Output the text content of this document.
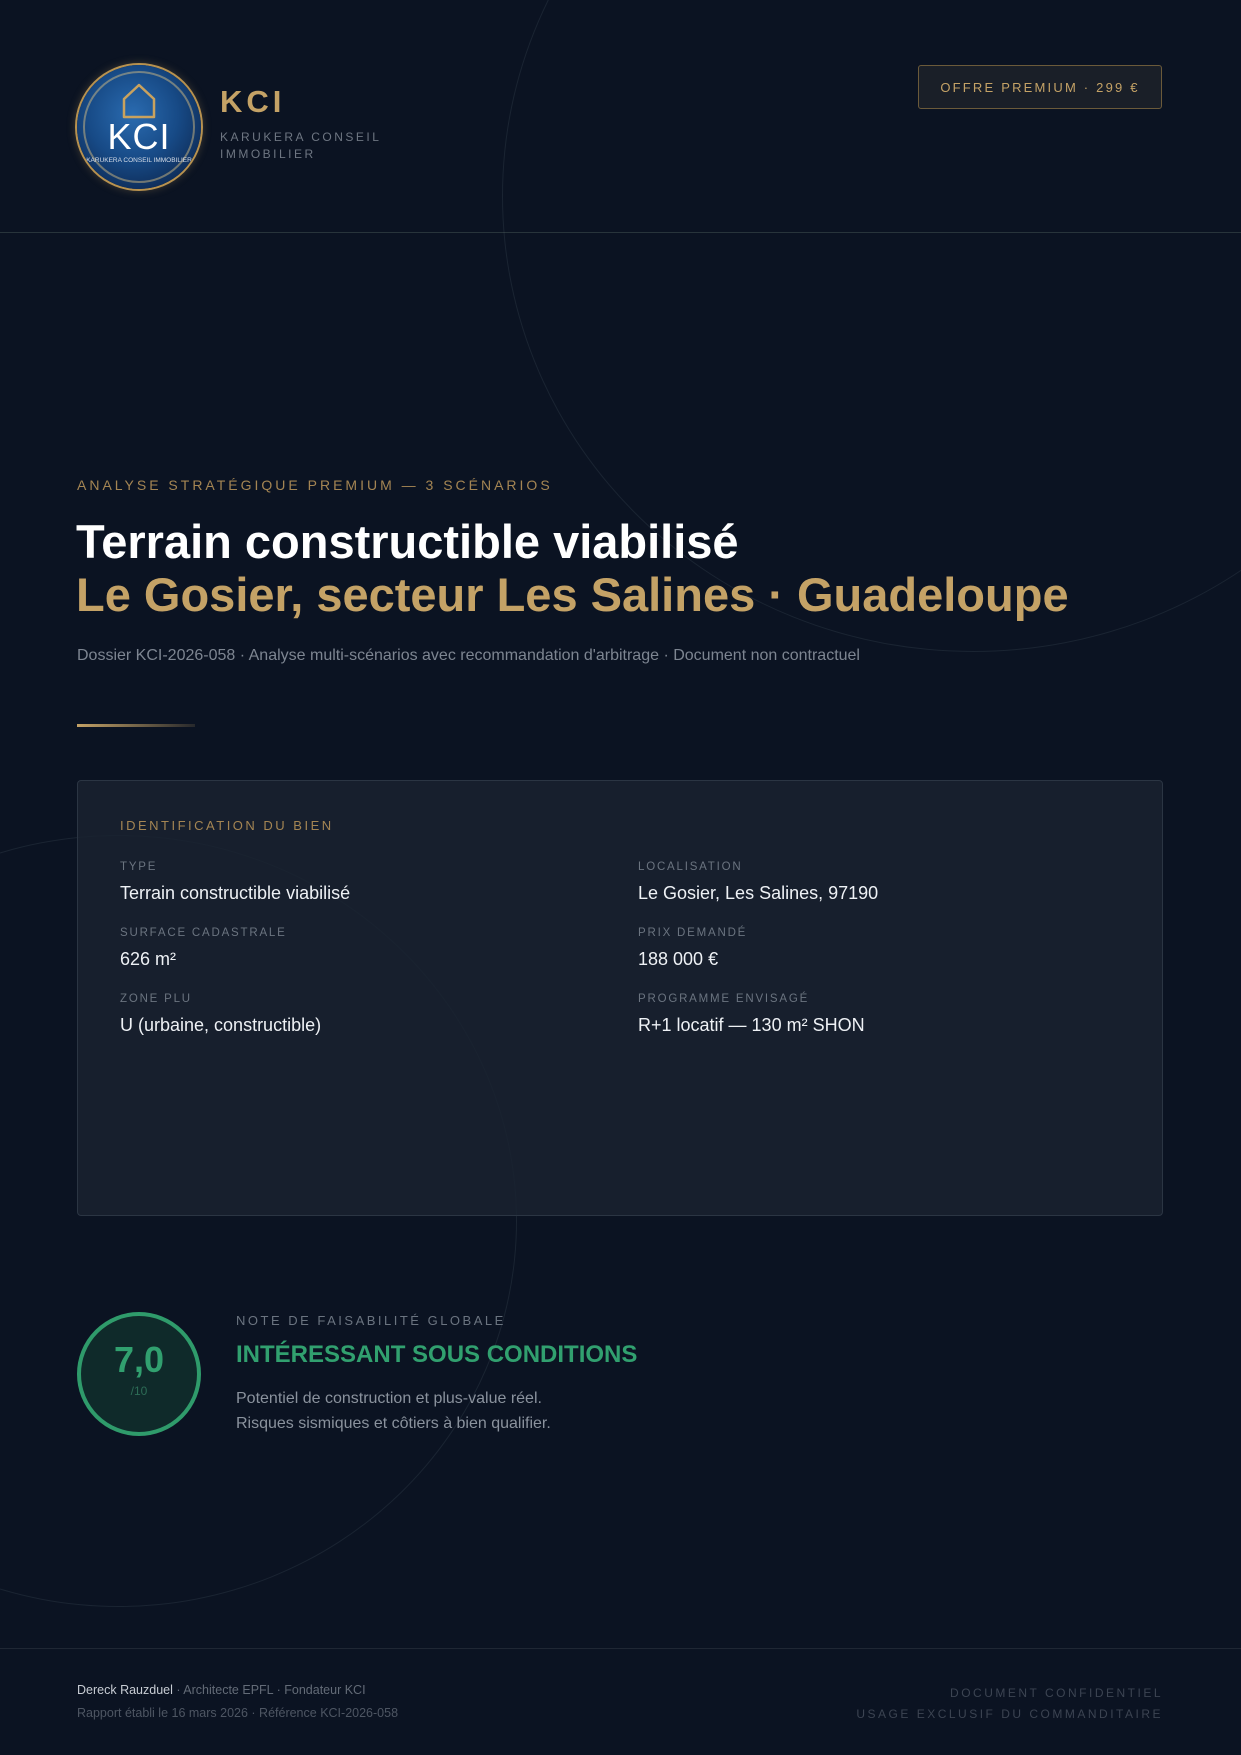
KCI
KARUKERA CONSEIL IMMOBILIER
KCI
KARUKERA CONSEIL IMMOBILIER
OFFRE PREMIUM · 299 €
ANALYSE STRATÉGIQUE PREMIUM — 3 SCÉNARIOS
Terrain constructible viabilisé
Le Gosier, secteur Les Salines · Guadeloupe
Dossier KCI-2026-058 · Analyse multi-scénarios avec recommandation d'arbitrage · Document non contractuel
IDENTIFICATION DU BIEN
TYPE
Terrain constructible viabilisé
LOCALISATION
Le Gosier, Les Salines, 97190
SURFACE CADASTRALE
626 m²
PRIX DEMANDÉ
188 000 €
ZONE PLU
U (urbaine, constructible)
PROGRAMME ENVISAGÉ
R+1 locatif — 130 m² SHON
7,0
/10
NOTE DE FAISABILITÉ GLOBALE
INTÉRESSANT SOUS CONDITIONS
Potentiel de construction et plus-value réel.
Risques sismiques et côtiers à bien qualifier.
Dereck Rauzduel · Architecte EPFL · Fondateur KCI
Rapport établi le 16 mars 2026 · Référence KCI-2026-058
DOCUMENT CONFIDENTIEL
USAGE EXCLUSIF DU COMMANDITAIRE
